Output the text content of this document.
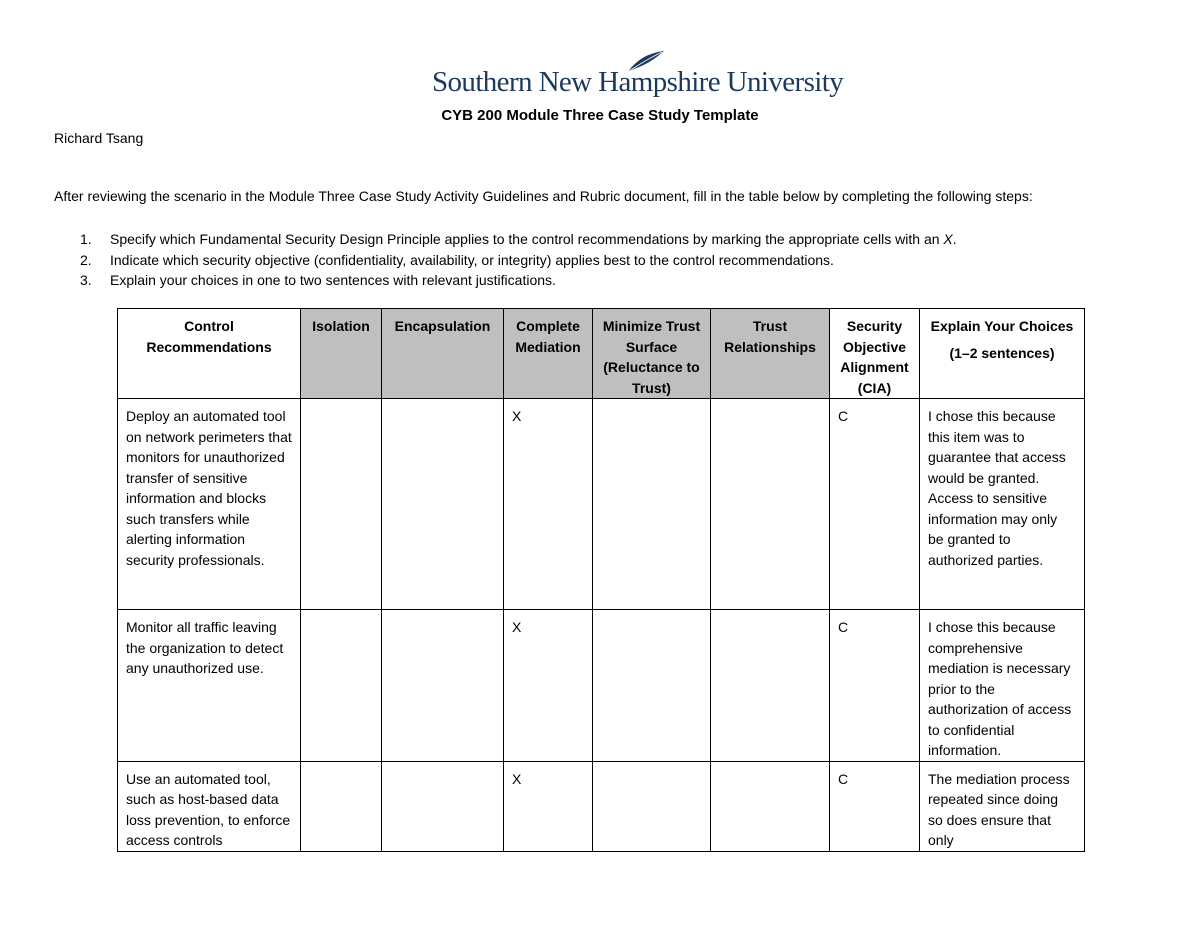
Southern New Hampshire University
CYB 200 Module Three Case Study Template
Richard Tsang
After reviewing the scenario in the Module Three Case Study Activity Guidelines and Rubric document, fill in the table below by completing the following steps:
1. Specify which Fundamental Security Design Principle applies to the control recommendations by marking the appropriate cells with an X.
2. Indicate which security objective (confidentiality, availability, or integrity) applies best to the control recommendations.
3. Explain your choices in one to two sentences with relevant justifications.
Control Recommendations	Isolation	Encapsulation	Complete Mediation	Minimize Trust Surface (Reluctance to Trust)	Trust Relationships	Security Objective Alignment (CIA)	Explain Your Choices
(1–2 sentences)

Deploy an automated tool on network perimeters that monitors for unauthorized transfer of sensitive information and blocks such transfers while alerting information security professionals.			X			C	I chose this because this item was to guarantee that access would be granted. Access to sensitive information may only be granted to authorized parties.
Monitor all traffic leaving the organization to detect any unauthorized use.			X			C	I chose this because comprehensive mediation is necessary prior to the authorization of access to confidential information.
Use an automated tool, such as host-based data loss prevention, to enforce access controls			X			C	The mediation process repeated since doing so does ensure that only
